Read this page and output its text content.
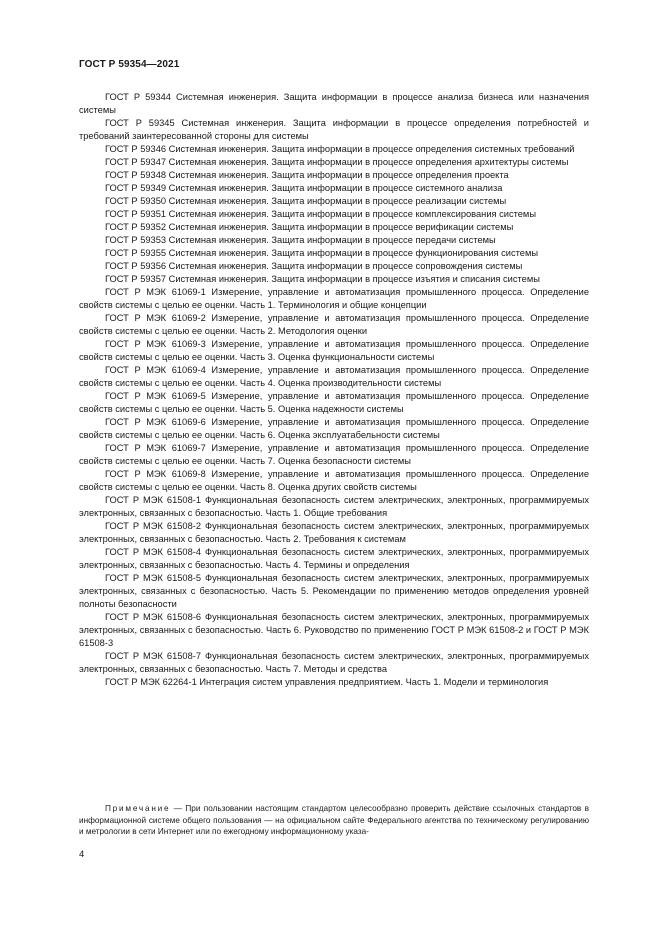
ГОСТ Р 59354—2021

ГОСТ Р 59344 Системная инженерия. Защита информации в процессе анализа бизнеса или назначения системы

ГОСТ Р 59345 Системная инженерия. Защита информации в процессе определения потребностей и требований заинтересованной стороны для системы

ГОСТ Р 59346 Системная инженерия. Защита информации в процессе определения системных требований

ГОСТ Р 59347 Системная инженерия. Защита информации в процессе определения архитектуры системы

ГОСТ Р 59348 Системная инженерия. Защита информации в процессе определения проекта

ГОСТ Р 59349 Системная инженерия. Защита информации в процессе системного анализа

ГОСТ Р 59350 Системная инженерия. Защита информации в процессе реализации системы

ГОСТ Р 59351 Системная инженерия. Защита информации в процессе комплексирования системы

ГОСТ Р 59352 Системная инженерия. Защита информации в процессе верификации системы

ГОСТ Р 59353 Системная инженерия. Защита информации в процессе передачи системы

ГОСТ Р 59355 Системная инженерия. Защита информации в процессе функционирования системы

ГОСТ Р 59356 Системная инженерия. Защита информации в процессе сопровождения системы

ГОСТ Р 59357 Системная инженерия. Защита информации в процессе изъятия и списания системы

ГОСТ Р МЭК 61069-1 Измерение, управление и автоматизация промышленного процесса. Определение свойств системы с целью ее оценки. Часть 1. Терминология и общие концепции

ГОСТ Р МЭК 61069-2 Измерение, управление и автоматизация промышленного процесса. Определение свойств системы с целью ее оценки. Часть 2. Методология оценки

ГОСТ Р МЭК 61069-3 Измерение, управление и автоматизация промышленного процесса. Определение свойств системы с целью ее оценки. Часть 3. Оценка функциональности системы

ГОСТ Р МЭК 61069-4 Измерение, управление и автоматизация промышленного процесса. Определение свойств системы с целью ее оценки. Часть 4. Оценка производительности системы

ГОСТ Р МЭК 61069-5 Измерение, управление и автоматизация промышленного процесса. Определение свойств системы с целью ее оценки. Часть 5. Оценка надежности системы

ГОСТ Р МЭК 61069-6 Измерение, управление и автоматизация промышленного процесса. Определение свойств системы с целью ее оценки. Часть 6. Оценка эксплуатабельности системы

ГОСТ Р МЭК 61069-7 Измерение, управление и автоматизация промышленного процесса. Определение свойств системы с целью ее оценки. Часть 7. Оценка безопасности системы

ГОСТ Р МЭК 61069-8 Измерение, управление и автоматизация промышленного процесса. Определение свойств системы с целью ее оценки. Часть 8. Оценка других свойств системы

ГОСТ Р МЭК 61508-1 Функциональная безопасность систем электрических, электронных, программируемых электронных, связанных с безопасностью. Часть 1. Общие требования

ГОСТ Р МЭК 61508-2 Функциональная безопасность систем электрических, электронных, программируемых электронных, связанных с безопасностью. Часть 2. Требования к системам

ГОСТ Р МЭК 61508-4 Функциональная безопасность систем электрических, электронных, программируемых электронных, связанных с безопасностью. Часть 4. Термины и определения

ГОСТ Р МЭК 61508-5 Функциональная безопасность систем электрических, электронных, программируемых электронных, связанных с безопасностью. Часть 5. Рекомендации по применению методов определения уровней полноты безопасности

ГОСТ Р МЭК 61508-6 Функциональная безопасность систем электрических, электронных, программируемых электронных, связанных с безопасностью. Часть 6. Руководство по применению ГОСТ Р МЭК 61508-2 и ГОСТ Р МЭК 61508-3

ГОСТ Р МЭК 61508-7 Функциональная безопасность систем электрических, электронных, программируемых электронных, связанных с безопасностью. Часть 7. Методы и средства

ГОСТ Р МЭК 62264-1 Интеграция систем управления предприятием. Часть 1. Модели и терминология

Примечание — При пользовании настоящим стандартом целесообразно проверить действие ссылочных стандартов в информационной системе общего пользования — на официальном сайте Федерального агентства по техническому регулированию и метрологии в сети Интернет или по ежегодному информационному указа-

4
